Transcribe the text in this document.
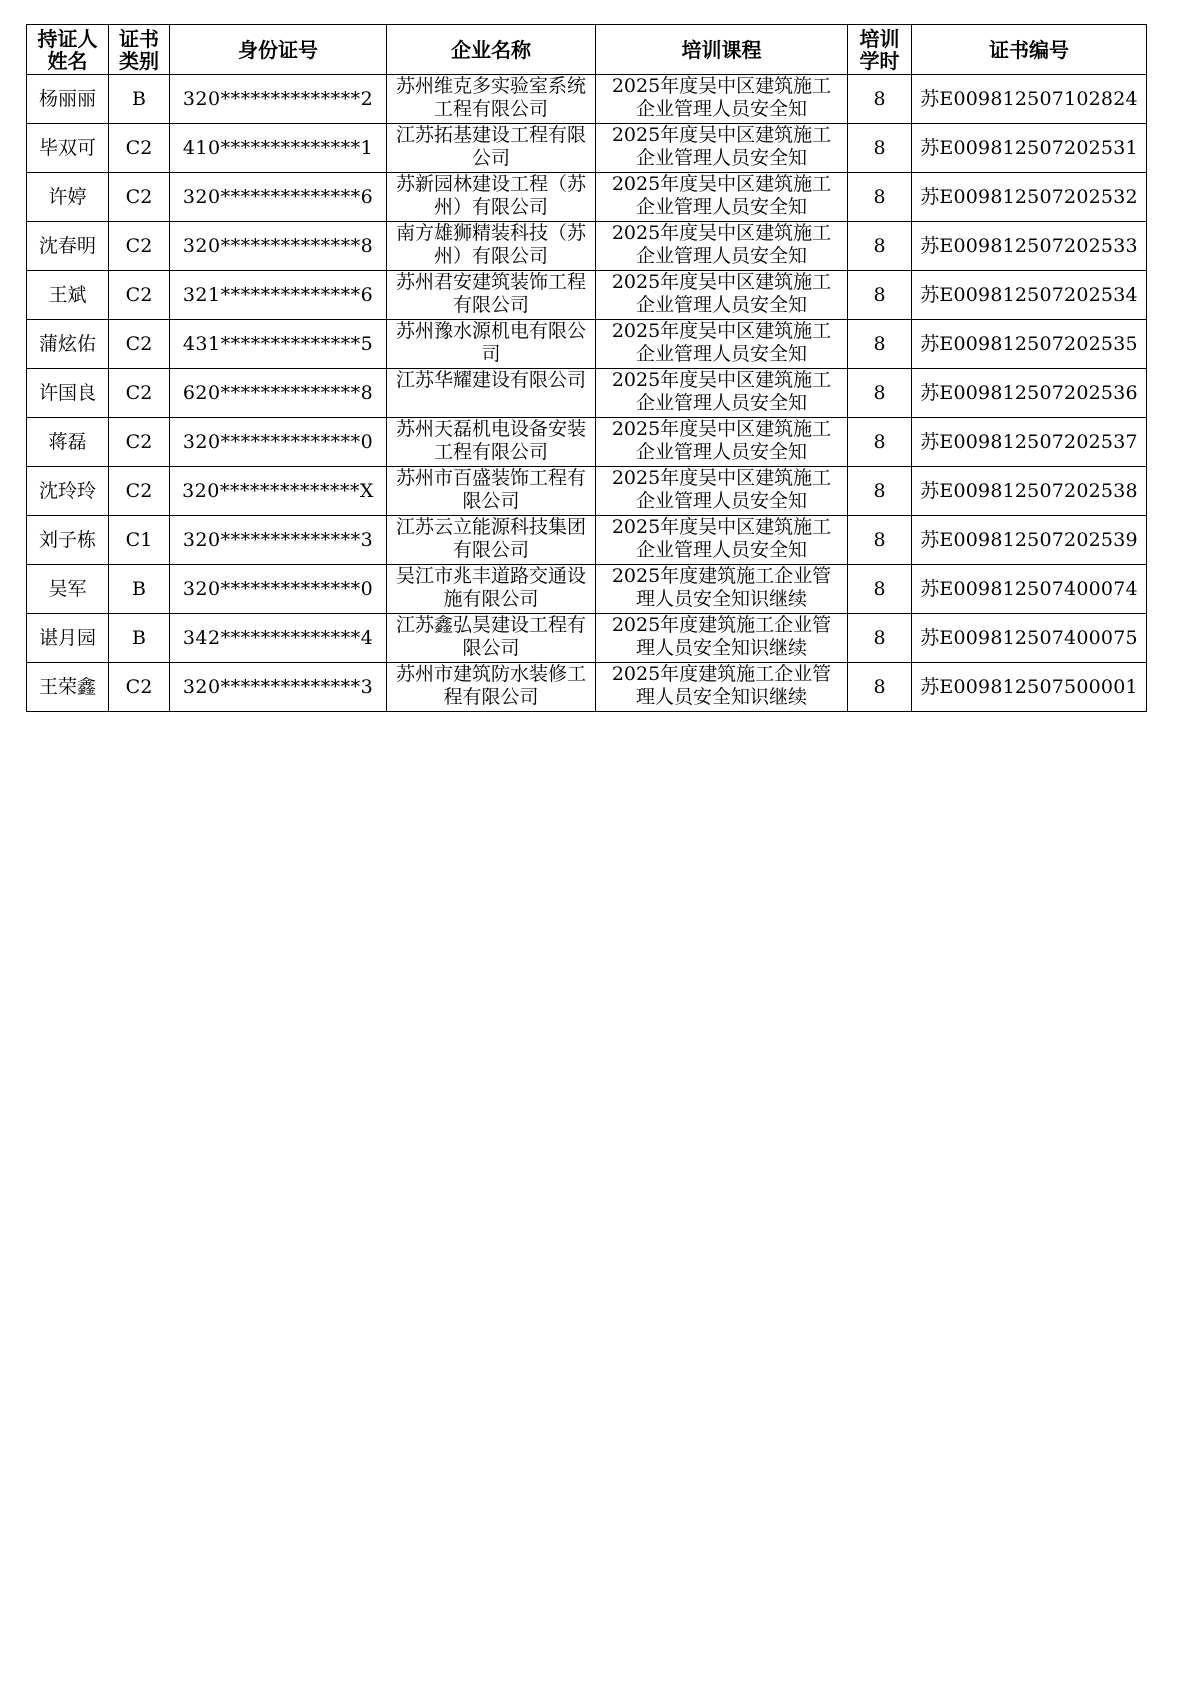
持证人姓名	证书类别	身份证号	企业名称	培训课程	培训学时	证书编号
杨丽丽	B	320**************2	苏州维克多实验室系统工程有限公司	2025年度吴中区建筑施工企业管理人员安全知	8	苏E009812507102824
毕双可	C2	410**************1	江苏拓基建设工程有限公司	2025年度吴中区建筑施工企业管理人员安全知	8	苏E009812507202531
许婷	C2	320**************6	苏新园林建设工程（苏州）有限公司	2025年度吴中区建筑施工企业管理人员安全知	8	苏E009812507202532
沈春明	C2	320**************8	南方雄狮精装科技（苏州）有限公司	2025年度吴中区建筑施工企业管理人员安全知	8	苏E009812507202533
王斌	C2	321**************6	苏州君安建筑装饰工程有限公司	2025年度吴中区建筑施工企业管理人员安全知	8	苏E009812507202534
蒲炫佑	C2	431**************5	苏州豫水源机电有限公司	2025年度吴中区建筑施工企业管理人员安全知	8	苏E009812507202535
许国良	C2	620**************8	江苏华耀建设有限公司	2025年度吴中区建筑施工企业管理人员安全知	8	苏E009812507202536
蒋磊	C2	320**************0	苏州天磊机电设备安装工程有限公司	2025年度吴中区建筑施工企业管理人员安全知	8	苏E009812507202537
沈玲玲	C2	320**************X	苏州市百盛装饰工程有限公司	2025年度吴中区建筑施工企业管理人员安全知	8	苏E009812507202538
刘子栋	C1	320**************3	江苏云立能源科技集团有限公司	2025年度吴中区建筑施工企业管理人员安全知	8	苏E009812507202539
吴军	B	320**************0	吴江市兆丰道路交通设施有限公司	2025年度建筑施工企业管理人员安全知识继续	8	苏E009812507400074
谌月园	B	342**************4	江苏鑫弘昊建设工程有限公司	2025年度建筑施工企业管理人员安全知识继续	8	苏E009812507400075
王荣鑫	C2	320**************3	苏州市建筑防水装修工程有限公司	2025年度建筑施工企业管理人员安全知识继续	8	苏E009812507500001
